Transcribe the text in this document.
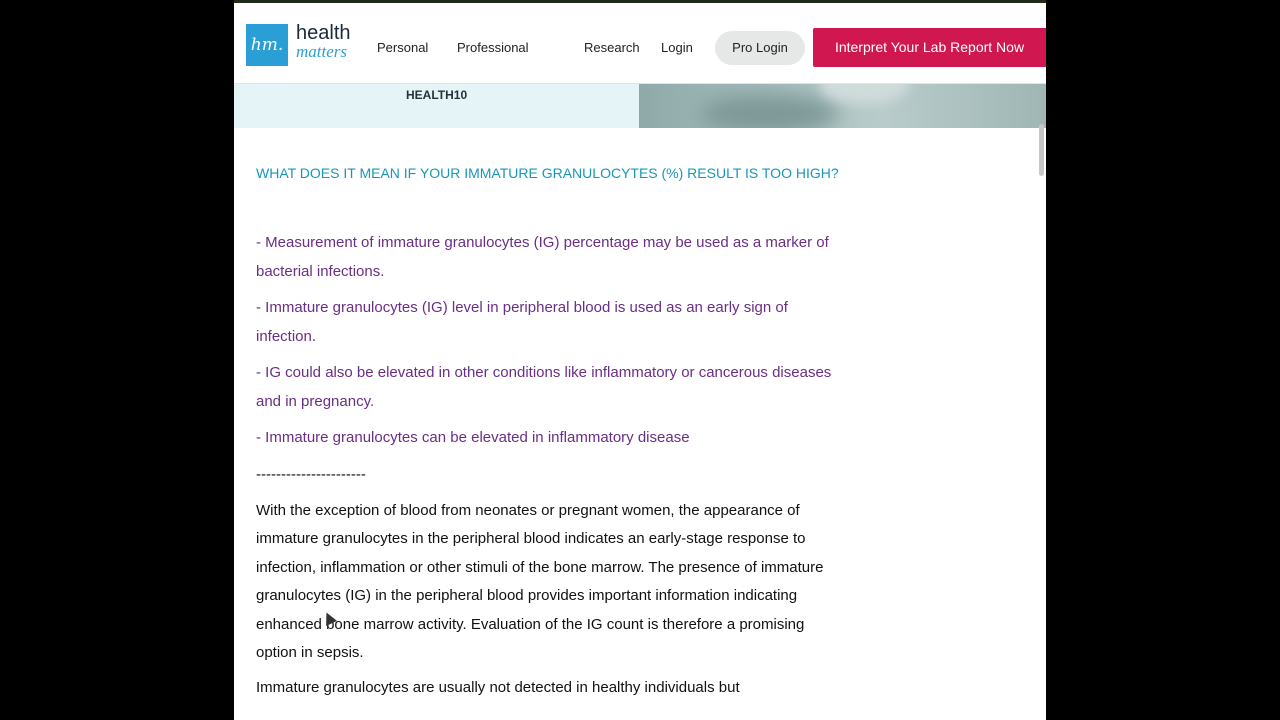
hm.
health
matters Personal Professional	Research Login	Pro Login	Interpret Your Lab Report Now
HEALTH10
WHAT DOES IT MEAN IF YOUR IMMATURE GRANULOCYTES (%) RESULT IS TOO HIGH?

- Measurement of immature granulocytes (IG) percentage may be used as a marker of bacterial infections.

- Immature granulocytes (IG) level in peripheral blood is used as an early sign of infection.

- IG could also be elevated in other conditions like inflammatory or cancerous diseases and in pregnancy.

- Immature granulocytes can be elevated in inflammatory disease

----------------------

With the exception of blood from neonates or pregnant women, the appearance of immature granulocytes in the peripheral blood indicates an early-stage response to infection, inflammation or other stimuli of the bone marrow. The presence of immature granulocytes (IG) in the peripheral blood provides important information indicating enhanced bone marrow activity. Evaluation of the IG count is therefore a promising option in sepsis.

Immature granulocytes are usually not detected in healthy individuals but
